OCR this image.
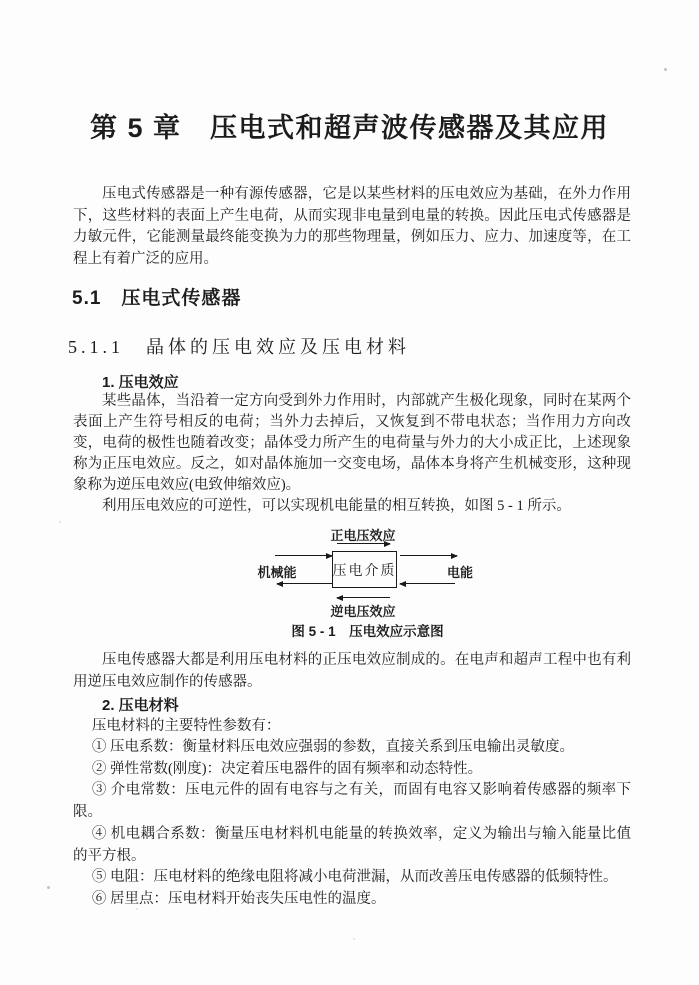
第 5 章　压电式和超声波传感器及其应用

压电式传感器是一种有源传感器，它是以某些材料的压电效应为基础，在外力作用下，这些材料的表面上产生电荷，从而实现非电量到电量的转换。因此压电式传感器是力敏元件，它能测量最终能变换为力的那些物理量，例如压力、应力、加速度等，在工程上有着广泛的应用。

5.1　压电式传感器
5.1.1　晶体的压电效应及压电材料
1. 压电效应

某些晶体，当沿着一定方向受到外力作用时，内部就产生极化现象，同时在某两个表面上产生符号相反的电荷；当外力去掉后，又恢复到不带电状态；当作用力方向改变，电荷的极性也随着改变；晶体受力所产生的电荷量与外力的大小成正比，上述现象称为正压电效应。反之，如对晶体施加一交变电场，晶体本身将产生机械变形，这种现象称为逆压电效应(电致伸缩效应)。

利用压电效应的可逆性，可以实现机电能量的相互转换，如图 5 - 1 所示。

正电压效应
机械能	压电介质	电能
逆电压效应

图 5 - 1　压电效应示意图

压电传感器大都是利用压电材料的正压电效应制成的。在电声和超声工程中也有利用逆压电效应制作的传感器。

2. 压电材料

压电材料的主要特性参数有：

① 压电系数：衡量材料压电效应强弱的参数，直接关系到压电输出灵敏度。

② 弹性常数(刚度)：决定着压电器件的固有频率和动态特性。

③ 介电常数：压电元件的固有电容与之有关，而固有电容又影响着传感器的频率下限。

④ 机电耦合系数：衡量压电材料机电能量的转换效率，定义为输出与输入能量比值的平方根。

⑤ 电阻：压电材料的绝缘电阻将减小电荷泄漏，从而改善压电传感器的低频特性。

⑥ 居里点：压电材料开始丧失压电性的温度。
